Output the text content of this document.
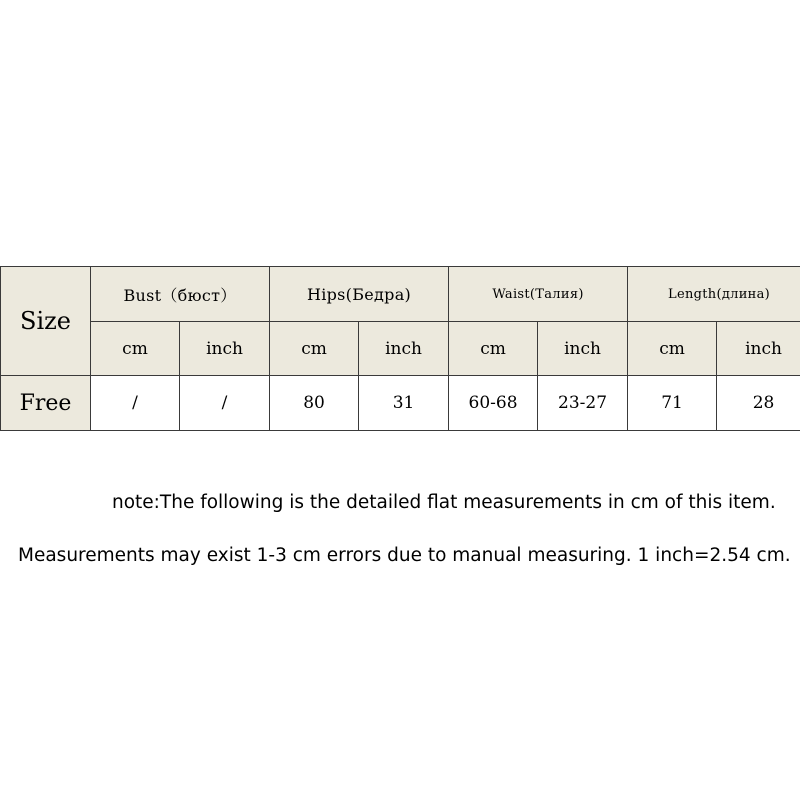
Size	Bust（бюст）		Hips(Бедра)		Waist(Талия)		Length(длина)	
	cm	inch	cm	inch	cm	inch	cm	inch
Free	/	/	80	31	60-68	23-27	71	28

note:The following is the detailed flat measurements in cm of this item.

Measurements may exist 1-3 cm errors due to manual measuring. 1 inch=2.54 cm.
